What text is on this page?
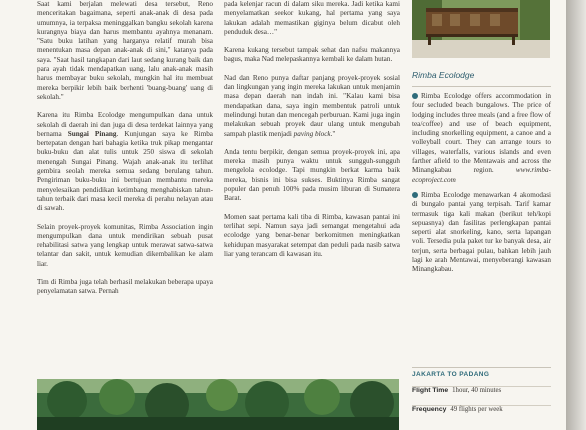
Saat kami berjalan melewati desa tersebut, Reno menceritakan bagaimana, seperti anak-anak di desa pada umumnya, ia terpaksa meninggalkan bangku sekolah karena kurangnya biaya dan harus membantu ayahnya menanam. "Satu buku latihan yang harganya relatif murah bisa menentukan masa depan anak-anak di sini," katanya pada saya. "Saat hasil tangkapan dari laut sedang kurang baik dan para ayah tidak mendapatkan uang, lalu anak-anak masih harus membayar buku sekolah, mungkin hal itu membuat mereka berpikir lebih baik berhenti 'buang-buang' uang di sekolah."

Karena itu Rimba Ecolodge mengumpulkan dana untuk sekolah di daerah ini dan juga di desa terdekat lainnya yang bernama Sungai Pinang. Kunjungan saya ke Rimba bertepatan dengan hari bahagia ketika truk pikap mengantar buku-buku dan alat tulis untuk 250 siswa di sekolah menengah Sungai Pinang. Wajah anak-anak itu terlihat gembira seolah mereka semua sedang berulang tahun. Pengiriman buku-buku ini bertujuan membantu mereka menyelesaikan pendidikan ketimbang menghabiskan tahun-tahun terbaik dari masa kecil mereka di perahu nelayan atau di sawah.

Selain proyek-proyek komunitas, Rimba Association ingin mengumpulkan dana untuk mendirikan sebuah pusat rehabilitasi satwa yang lengkap untuk merawat satwa-satwa telantar dan sakit, untuk kemudian dikembalikan ke alam liar.

Tim di Rimba juga telah berhasil melakukan beberapa upaya penyelamatan satwa. Pernah

pada kelenjar racun di dalam siku mereka. Jadi ketika kami menyelamatkan seekor kukang, hal pertama yang saya lakukan adalah memastikan giginya belum dicabut oleh penduduk desa…"

Karena kukang tersebut tampak sehat dan nafsu makannya bagus, maka Nad melepaskannya kembali ke dalam hutan.

Nad dan Reno punya daftar panjang proyek-proyek sosial dan lingkungan yang ingin mereka lakukan untuk menjamin masa depan daerah nan indah ini. "Kalau kami bisa mendapatkan dana, saya ingin membentuk patroli untuk melindungi hutan dan mencegah perburuan. Kami juga ingin melakukan sebuah proyek daur ulang untuk mengubah sampah plastik menjadi paving block."

Anda tentu berpikir, dengan semua proyek-proyek ini, apa mereka masih punya waktu untuk sungguh-sungguh mengelola ecolodge. Tapi mungkin berkat karma baik mereka, bisnis ini bisa sukses. Buktinya Rimba sangat populer dan penuh 100% pada musim liburan di Sumatera Barat.

Momen saat pertama kali tiba di Rimba, kawasan pantai ini terlihat sepi. Namun saya jadi semangat mengetahui ada ecolodge yang benar-benar berkomitmen meningkatkan kehidupan masyarakat setempat dan peduli pada nasib satwa liar yang terancam di kawasan itu.

Rimba Ecolodge

Rimba Ecolodge offers accommodation in four secluded beach bungalows. The price of lodging includes three meals (and a free flow of tea/coffee) and use of beach equipment, including snorkelling equipment, a canoe and a volleyball court. They can arrange tours to villages, waterfalls, various islands and even farther afield to the Mentawais and across the Minangkabau region. www.rimba-ecoproject.com

Rimba Ecolodge menawarkan 4 akomodasi di bungalo pantai yang terpisah. Tarif kamar termasuk tiga kali makan (berikut teh/kopi sepuasnya) dan fasilitas perlengkapan pantai seperti alat snorkeling, kano, serta lapangan voli. Tersedia pula paket tur ke banyak desa, air terjun, serta berbagai pulau, bahkan lebih jauh lagi ke arah Mentawai, menyeberangi kawasan Minangkabau.

JAKARTA TO PADANG
Flight Time 1hour, 40 minutes
Frequency 49 flights per week
